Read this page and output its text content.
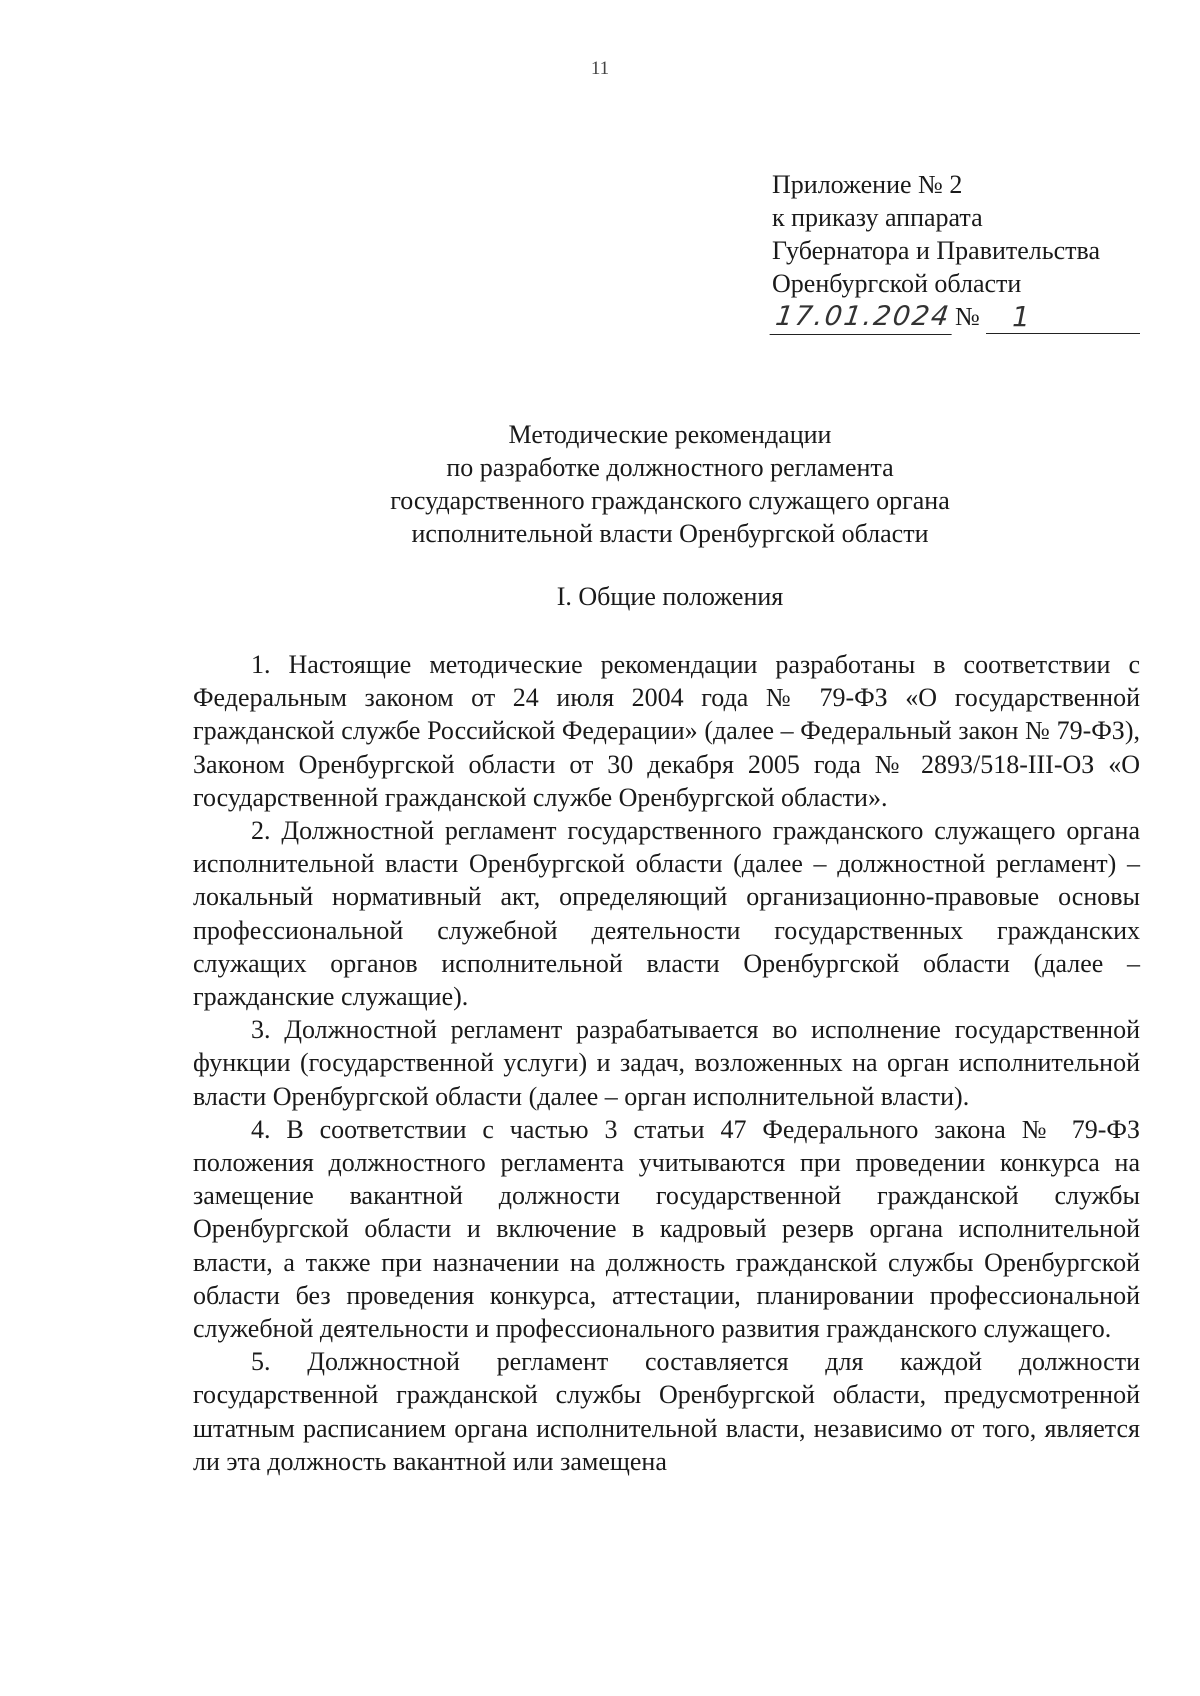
11
Приложение № 2
к приказу аппарата
Губернатора и Правительства
Оренбургской области
17.01.2024 №	1
Методические рекомендации
по разработке должностного регламента
государственного гражданского служащего органа
исполнительной власти Оренбургской области
I. Общие положения

1. Настоящие методические рекомендации разработаны в соответствии с Федеральным законом от 24 июля 2004 года № 79-ФЗ «О государственной гражданской службе Российской Федерации» (далее – Федеральный закон № 79-ФЗ), Законом Оренбургской области от 30 декабря 2005 года № 2893/518-III-ОЗ «О государственной гражданской службе Оренбургской области».

2. Должностной регламент государственного гражданского служащего органа исполнительной власти Оренбургской области (далее – должностной регламент) – локальный нормативный акт, определяющий организационно-правовые основы профессиональной служебной деятельности государственных гражданских служащих органов исполнительной власти Оренбургской области (далее – гражданские служащие).

3. Должностной регламент разрабатывается во исполнение государственной функции (государственной услуги) и задач, возложенных на орган исполнительной власти Оренбургской области (далее – орган исполнительной власти).

4. В соответствии с частью 3 статьи 47 Федерального закона № 79-ФЗ положения должностного регламента учитываются при проведении конкурса на замещение вакантной должности государственной гражданской службы Оренбургской области и включение в кадровый резерв органа исполнительной власти, а также при назначении на должность гражданской службы Оренбургской области без проведения конкурса, аттестации, планировании профессиональной служебной деятельности и профессионального развития гражданского служащего.

5. Должностной регламент составляется для каждой должности государственной гражданской службы Оренбургской области, предусмотренной штатным расписанием органа исполнительной власти, независимо от того, является ли эта должность вакантной или замещена
